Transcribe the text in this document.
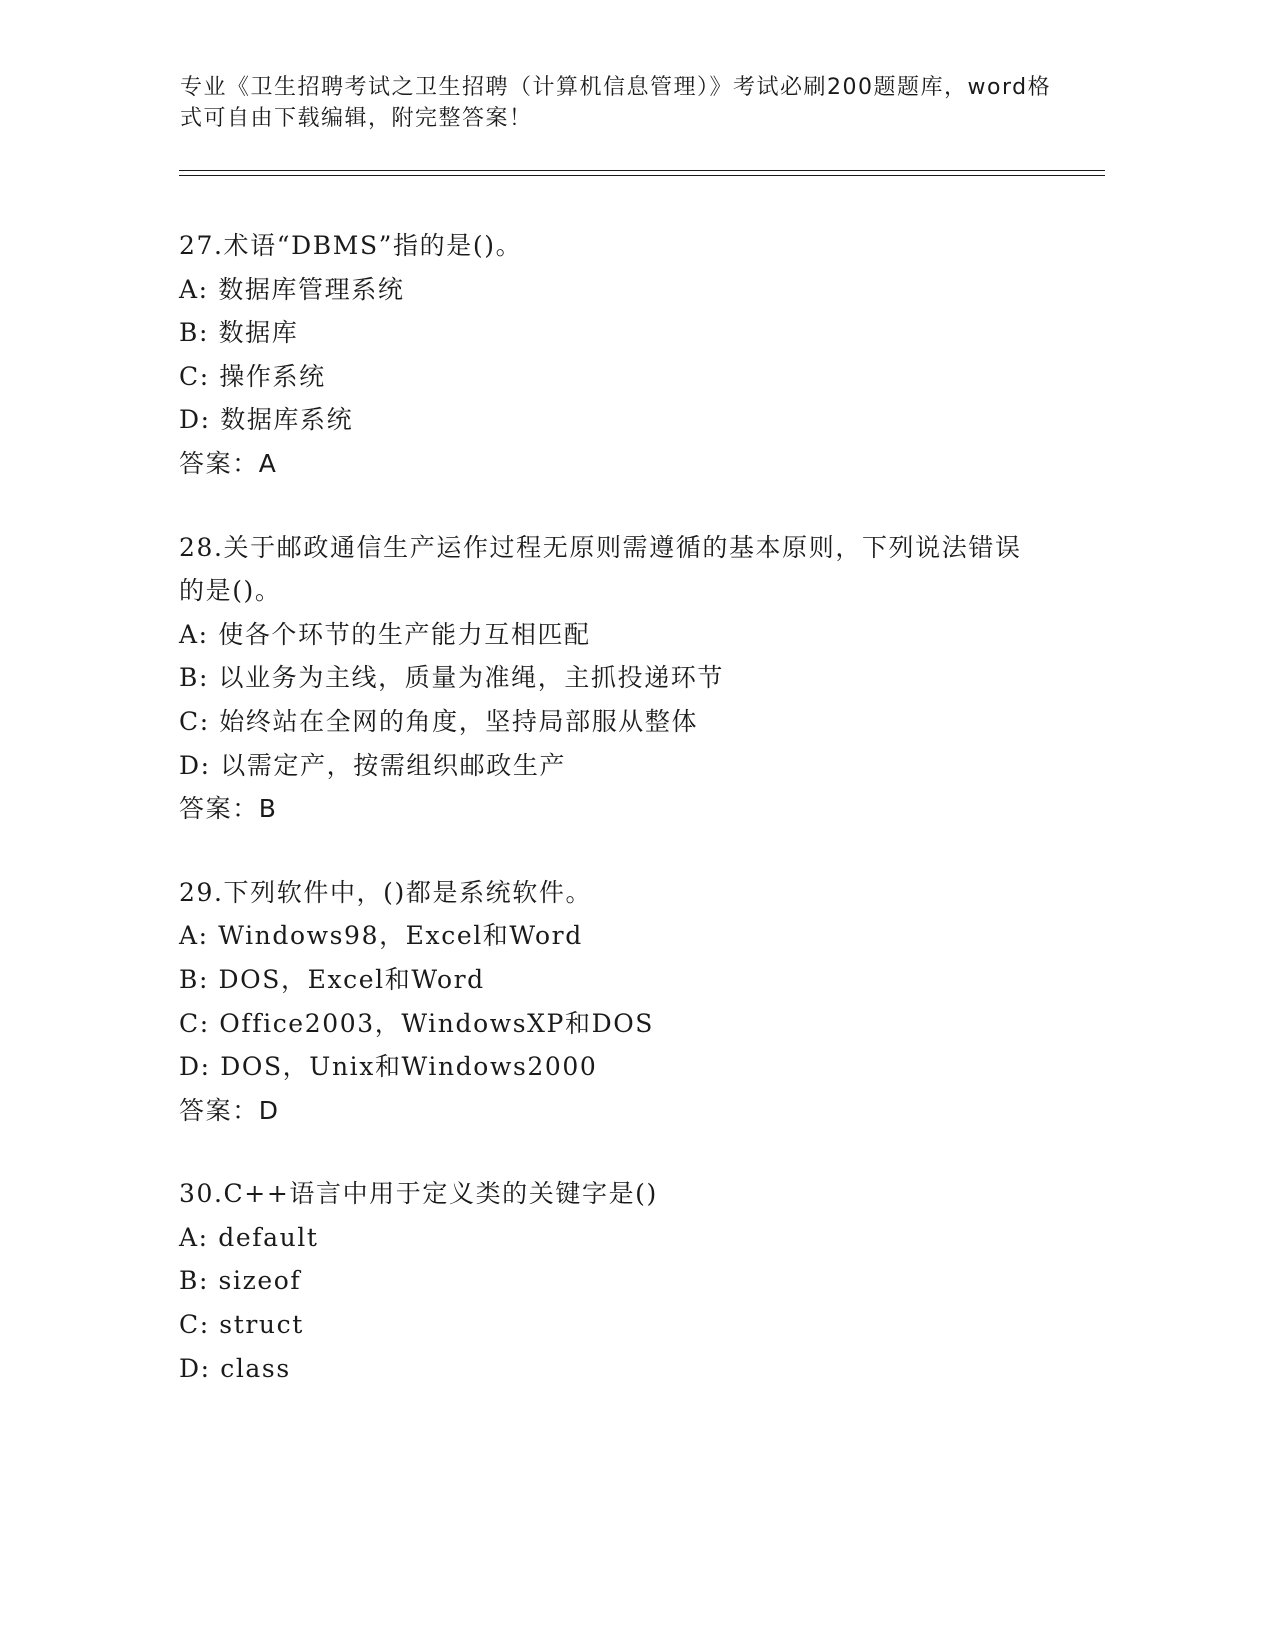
专业《卫生招聘考试之卫生招聘（计算机信息管理）》考试必刷200题题库，word格式可自由下载编辑，附完整答案！

27.术语“DBMS”指的是()。

A: 数据库管理系统

B: 数据库

C: 操作系统

D: 数据库系统

答案：A

28.关于邮政通信生产运作过程无原则需遵循的基本原则，下列说法错误的是()。

A: 使各个环节的生产能力互相匹配

B: 以业务为主线，质量为准绳，主抓投递环节

C: 始终站在全网的角度，坚持局部服从整体

D: 以需定产，按需组织邮政生产

答案：B

29.下列软件中，()都是系统软件。

A: Windows98，Excel和Word

B: DOS，Excel和Word

C: Office2003，WindowsXP和DOS

D: DOS，Unix和Windows2000

答案：D

30.C++语言中用于定义类的关键字是()

A: default

B: sizeof

C: struct

D: class
